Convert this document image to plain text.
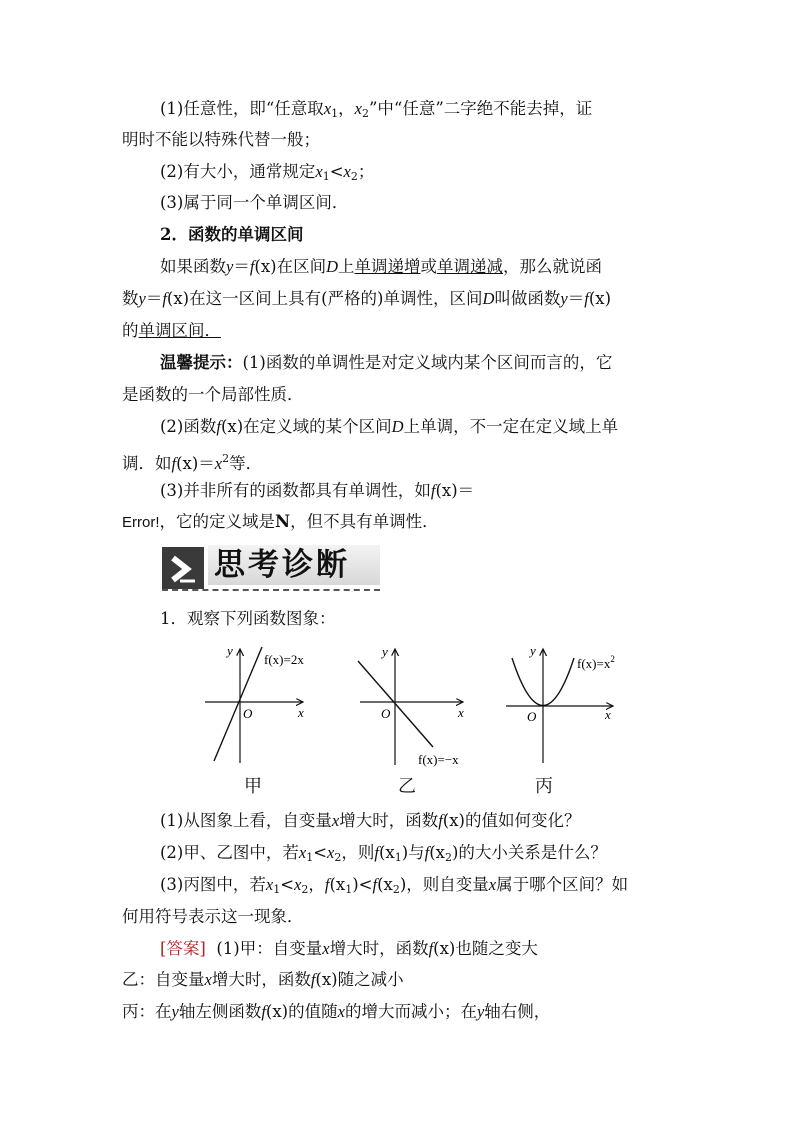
(1)任意性，即“任意取$x_1$，$x_2$”中“任意”二字绝不能去掉，证
明时不能以特殊代替一般；
(2)有大小，通常规定$x_1<x_2$；
(3)属于同一个单调区间．
2．函数的单调区间
如果函数y＝f(x)在区间D上单调递增或单调递减，那么就说函
数y＝f(x)在这一区间上具有(严格的)单调性，区间D叫做函数y＝f(x)
的单调区间．
温馨提示：(1)函数的单调性是对定义域内某个区间而言的，它
是函数的一个局部性质．
(2)函数f(x)在定义域的某个区间D上单调，不一定在定义域上单
调．如$f(x)=x^2$等．
(3)并非所有的函数都具有单调性，如f(x)＝
Error!，它的定义域是N，但不具有单调性．
思考诊断
1．观察下列函数图象：
y
x
O
f(x)=2x
甲
y
x
O
f(x)=−x
乙
y
x
O
$f(x)=x^2$
丙
(1)从图象上看，自变量x增大时，函数f(x)的值如何变化？
(2)甲、乙图中，若$x_1<x_2$，则$f(x_1)$与$f(x_2)$的大小关系是什么？
(3)丙图中，若$x_1<x_2$，$f(x_1)<f(x_2)$，则自变量x属于哪个区间？如
何用符号表示这一现象．
[答案] (1)甲：自变量x增大时，函数f(x)也随之变大
乙：自变量x增大时，函数f(x)随之减小
丙：在y轴左侧函数f(x)的值随x的增大而减小；在y轴右侧，
